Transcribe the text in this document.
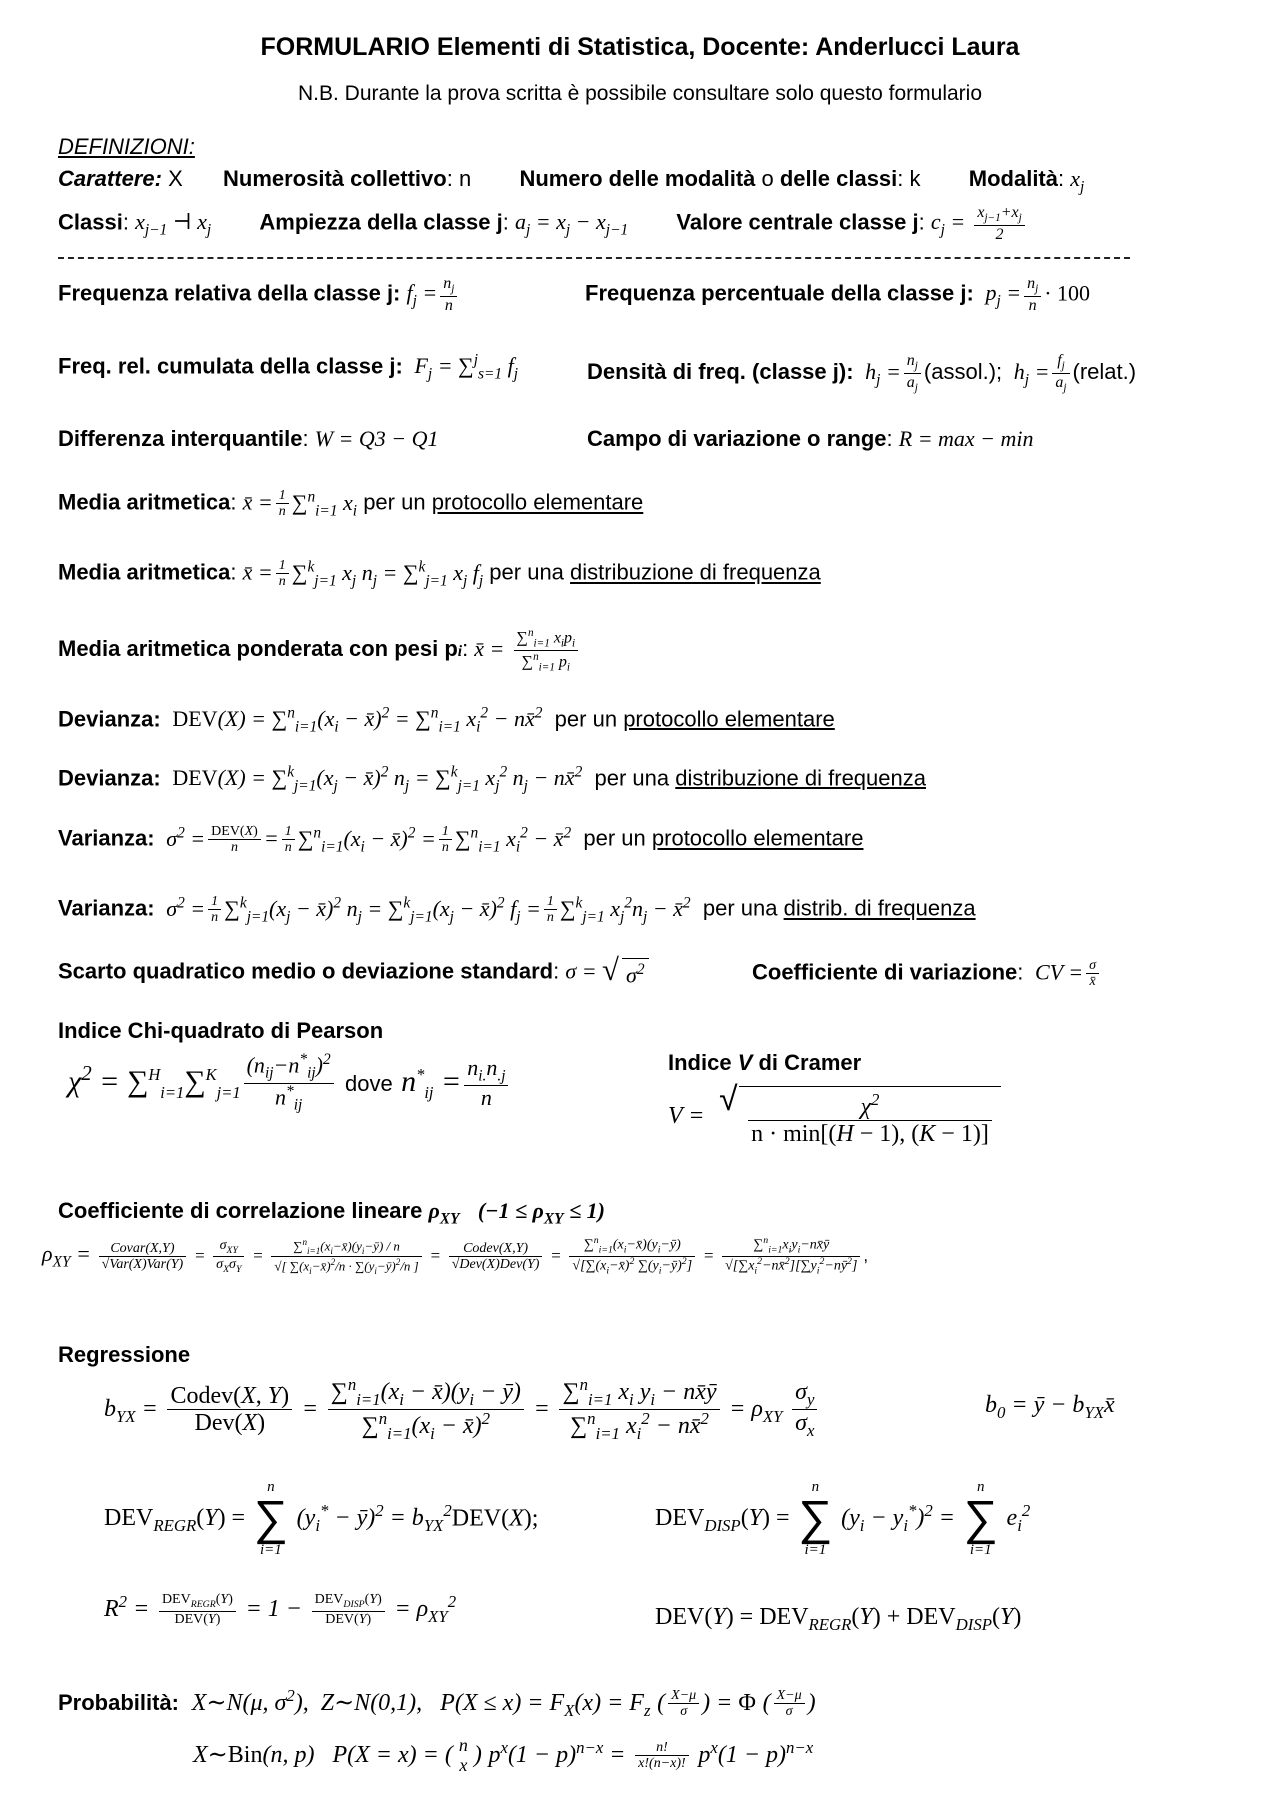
FORMULARIO Elementi di Statistica, Docente: Anderlucci Laura
N.B. Durante la prova scritta è possibile consultare solo questo formulario
DEFINIZIONI:
Carattere: X Numerosità collettivo: n Numero delle modalità o delle classi: k Modalità: $x_j$
Classi: $x_{j-1}$ ⊣ $x_j$ Ampiezza della classe j: $a_j = x_j - x_{j-1}$ Valore centrale classe j: $c_j = \frac{x_{j-1}+x_j}{2}$
Frequenza relativa della classe j: $f_j = \frac{n_j}{n}$	Frequenza percentuale della classe j:  $p_j = \frac{n_j}{n} \cdot 100$
Freq. rel. cumulata della classe j:  $F_j = \sum^j_{s=1}$ $f_j$	Densità di freq. (classe j):  $h_j = \frac{n_j}{a_j}$ (assol.);  $h_j = \frac{f_j}{a_j}$ (relat.)
Differenza interquantile: W = Q3 − Q1	Campo di variazione o range: R = max − min
Media aritmetica: x̄ = $\frac{1}{n} \sum^n_{i=1}$ $x_i$ per un protocollo elementare
Media aritmetica: x̄ = $\frac{1}{n} \sum^k_{j=1}$ $x_j$ $n_j = \sum^k_{j=1}$ $x_j$ $f_j$ per una distribuzione di frequenza
Media aritmetica ponderata con pesi pi: x̄ = $\frac{\sum^n_{i=1} x_ip_i}{\sum^n_{i=1} p_i}$
Devianza: $DEV(X) = \sum^n_{i=1}(x_i$ − x̄)$^2$ = ∑$^n_{i=1}$ $x_i^2$ − nx̄$^2$ per un protocollo elementare
Devianza: $DEV(X) = \sum^k_{j=1}(x_j$ − x̄)$^2$ $n_j = \sum^k_{j=1}$ $x_j^2$ $n_j$ − nx̄$^2$ per una distribuzione di frequenza
Varianza:  $\sigma^2 = \frac{\text{DEV(X)}}{n} = \frac{1}{n} \sum^n_{i=1}(x_i$ − x̄)$^2$ = $\frac{1}{n} \sum^n_{i=1}$ $x_i^2$ − x̄$^2$ per un protocollo elementare
Varianza:  $\sigma^2 = \frac{1}{n} \sum^k_{j=1}(x_j$ − x̄)$^2$ $n_j = \sum^k_{j=1}(x_j$ − x̄)$^2$ $f_j = \frac{1}{n} \sum^k_{j=1}$ $x_j^2n_j$ − x̄$^2$ per una distrib. di frequenza
Scarto quadratico medio o deviazione standard: σ = √ $\sigma^2$	Coefficiente di variazione:  CV = $\frac{\sigma}{x̄}$
Indice Chi-quadrato di Pearson
$\chi^2 = \sum^H_{i=1}\sum^K_{j=1} \frac{(n_{ij}-n^*_{ij})^2}{n^*_{ij}}$ dove $n^*_{ij} = \frac{n_{i.}n_{.j}}{n}$	Indice V di Cramer
V = √ $\frac{\chi^2}{n \cdot \min[(H - 1), (K - 1)]}$
Coefficiente di correlazione lineare $\rho_{XY}$ $(-1 \le \rho_{XY} \le 1)$
$\rho_{XY} = \frac{\text{Covar(X,Y)}}{\text{√Var(X)Var(Y)}} = \frac{\sigma_{XY}}{\sigma_X\sigma_Y} = \frac{\sum^n_{i=1}(x_i-x̄)(y_i-ȳ) / n}{√[ \sum(x_i-x̄)^2/n \cdot \sum(y_i-ȳ)^2/n ]} = \frac{\text{Codev(X,Y)}}{\text{√Dev(X)Dev(Y)}} = \frac{\sum^n_{i=1}(x_i-x̄)(y_i-ȳ)}{√[\sum(x_i-x̄)^2 \sum(y_i-ȳ)^2]} = \frac{\sum^n_{i=1}x_iy_i-nx̄ȳ}{√[\sum x_i^2-nx̄^2][\sum y_i^2-nȳ^2]}$ ,
Regressione
$b_{YX} = \frac{\text{Codev(X, Y)}}{\text{Dev(X)}} = \frac{\sum^n_{i=1}(x_i - x̄)(y_i - ȳ)}{\sum^n_{i=1}(x_i - x̄)^2} = \frac{\sum^n_{i=1} x_i y_i - nx̄ȳ}{\sum^n_{i=1} x_i^2 - nx̄^2} = \rho_{XY} \frac{\sigma_y}{\sigma_x}$	$b_0$ = ȳ − $b_{YX}x̄$
$DEV_{REGR}(Y)$ =
n
∑
i=1
($y_i^*$ − ȳ)$^2$ = $b_{YX}^2DEV(X)$;	$DEV_{DISP}(Y)$ =
n
∑
i=1
$(y_i - y_i^*)^2$ =
n
∑
i=1
$e_i^2$
$R^2 = \frac{DEV_{REGR}(Y)}{\text{DEV(Y)}} = 1 - \frac{DEV_{DISP}(Y)}{\text{DEV(Y)}} = \rho_{XY}^2$
$DEV(Y) = DEV_{REGR}(Y) + DEV_{DISP}(Y)$
Probabilità:  X∼N(μ, $\sigma^2$),  Z∼N(0,1),   $P(X \le x) = F_X(x) = F_z$ ( $\frac{X-\mu}{\sigma}$ ) = Φ ( $\frac{X-\mu}{\sigma}$ )
X∼Bin(n, p)   P(X = x) = ( n
x ) $p^x(1 - p)^{n-x} = \frac{n!}{x!(n-x)!} p^x(1 - p)^{n-x}$
